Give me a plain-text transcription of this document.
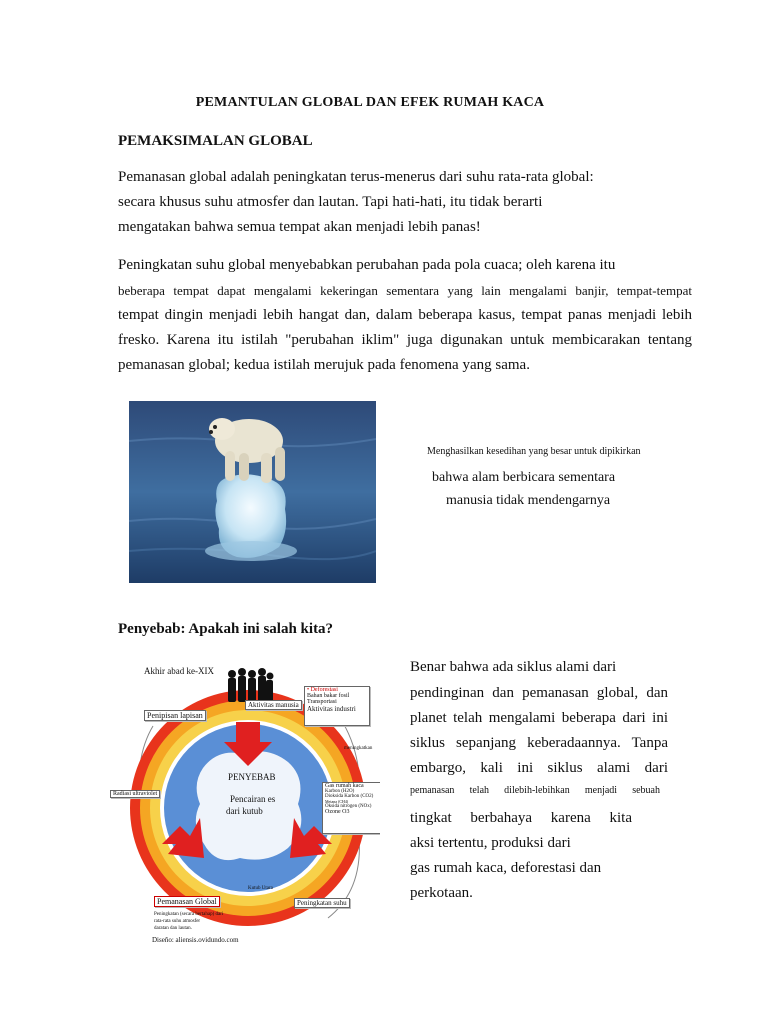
PEMANTULAN GLOBAL DAN EFEK RUMAH KACA
PEMAKSIMALAN GLOBAL
Pemanasan global adalah peningkatan terus-menerus dari suhu rata-rata global:
secara khusus suhu atmosfer dan lautan. Tapi hati-hati, itu tidak berarti
mengatakan bahwa semua tempat akan menjadi lebih panas!
Peningkatan suhu global menyebabkan perubahan pada pola cuaca; oleh karena itu
beberapa tempat dapat mengalami kekeringan sementara yang lain mengalami banjir, tempat-tempat
tempat dingin menjadi lebih hangat dan, dalam beberapa kasus, tempat panas menjadi lebih
fresko. Karena itu istilah "perubahan iklim" juga digunakan untuk membicarakan tentang
pemanasan global; kedua istilah merujuk pada fenomena yang sama.
Menghasilkan kesedihan yang besar untuk dipikirkan
bahwa alam berbicara sementara
manusia tidak mendengarnya
Penyebab: Apakah ini salah kita?
Benar bahwa ada siklus alami dari
pendinginan dan pemanasan global, dan
planet telah mengalami beberapa dari ini
siklus sepanjang keberadaannya. Tanpa
embargo, kali ini siklus alami dari
pemanasan telah dilebih-lebihkan menjadi sebuah
tingkat berbahaya karena kita
aksi tertentu, produksi dari
gas rumah kaca, deforestasi dan
perkotaan.
Akhir abad ke-XIX
Penipisan lapisan
Aktivitas manusia
• Deforestasi
Bahan bakar fosil
Transportasi
Aktivitas industri
meningkatkan
Radiasi ultraviolet
PENYEBAB
Pencairan es
dari kutub
Gas rumah kaca
Karbon (H2O)
Dioksida Karbon (CO2)
Metana (CH4)
Oksida nitrogen (NOx)
Ozone O3
Kutub Utara
Pemanasan Global	Peningkatan suhu
Peningkatan (secara bertahap) dari
rata-rata suhu atmosfer
daratan dan lautan.
Diseño: aliensis.ovidundo.com
